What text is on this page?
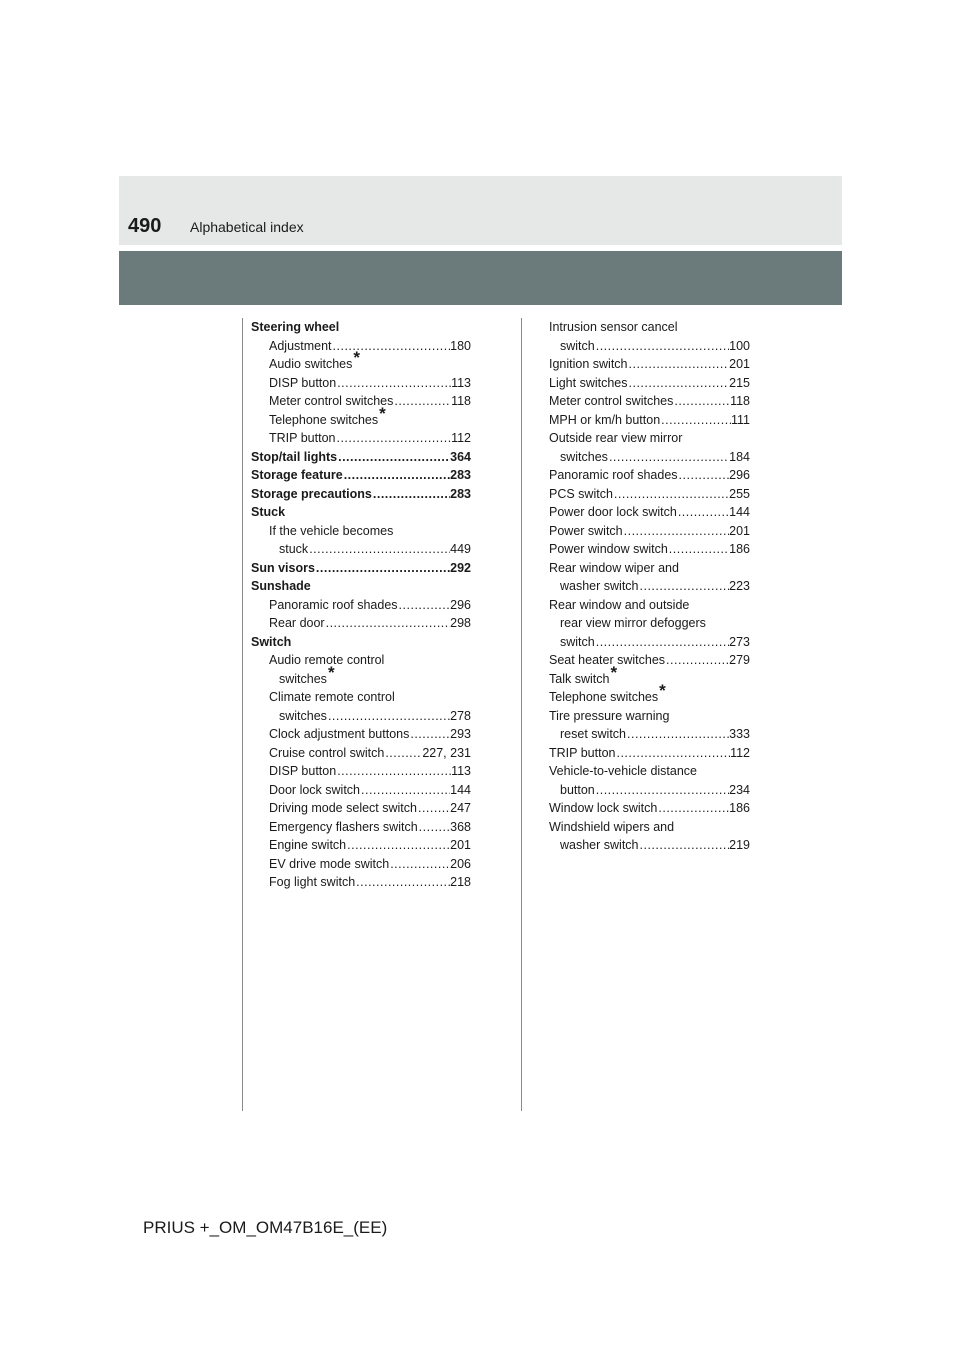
490 Alphabetical index
Steering wheel
Adjustment .....	180
Audio switches*
DISP button .....	113
Meter control switches .....	118
Telephone switches*
TRIP button .....	112
Stop/tail lights .....	364
Storage feature .....	283
Storage precautions .....	283
Stuck
If the vehicle becomes
stuck .....	449
Sun visors .....	292
Sunshade
Panoramic roof shades .....	296
Rear door .....	298
Switch
Audio remote control
switches*
Climate remote control
switches .....	278
Clock adjustment buttons .....	293
Cruise control switch .....	227, 231
DISP button .....	113
Door lock switch .....	144
Driving mode select switch .....	247
Emergency flashers switch .....	368
Engine switch .....	201
EV drive mode switch .....	206
Fog light switch .....	218
Intrusion sensor cancel
switch .....	100
Ignition switch .....	201
Light switches .....	215
Meter control switches .....	118
MPH or km/h button .....	111
Outside rear view mirror
switches .....	184
Panoramic roof shades .....	296
PCS switch .....	255
Power door lock switch .....	144
Power switch .....	201
Power window switch .....	186
Rear window wiper and
washer switch .....	223
Rear window and outside
rear view mirror defoggers
switch .....	273
Seat heater switches .....	279
Talk switch*
Telephone switches*
Tire pressure warning
reset switch .....	333
TRIP button .....	112
Vehicle-to-vehicle distance
button .....	234
Window lock switch .....	186
Windshield wipers and
washer switch .....	219
PRIUS +_OM_OM47B16E_(EE)
